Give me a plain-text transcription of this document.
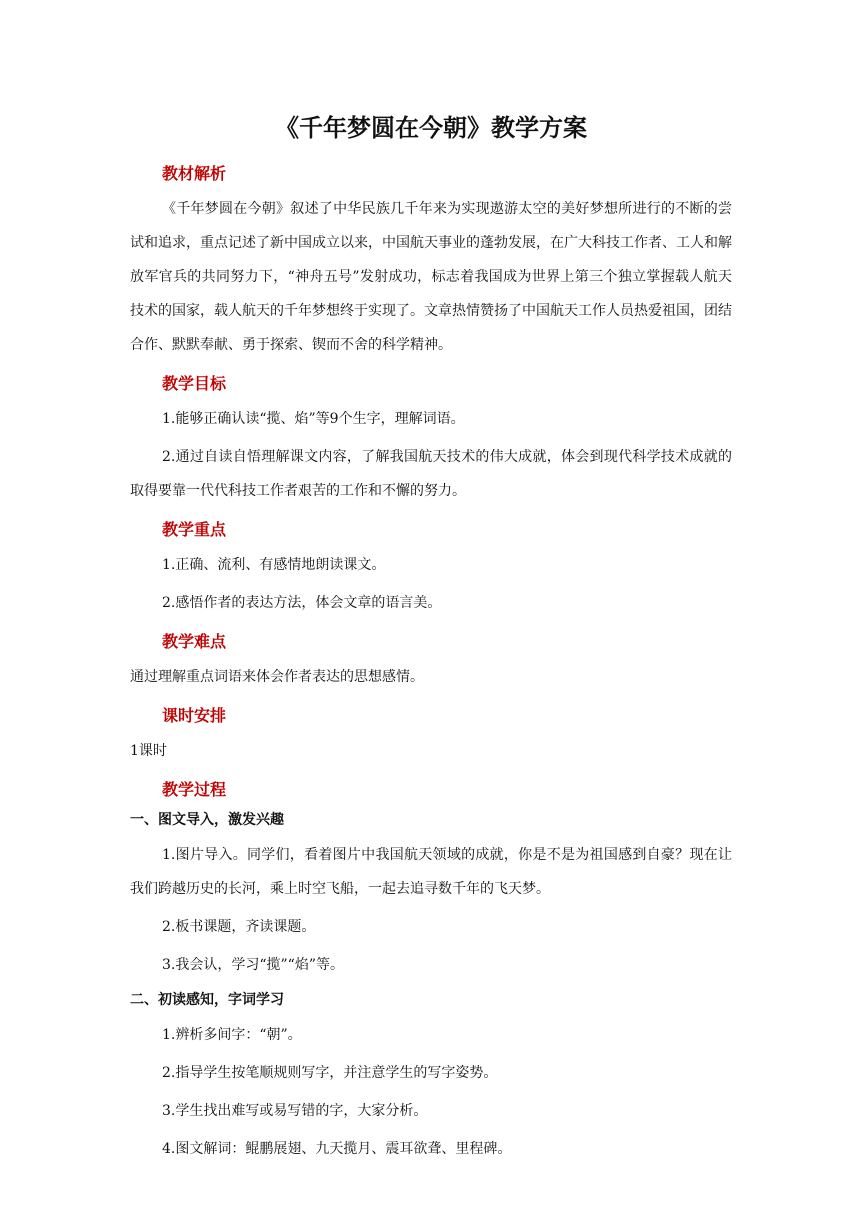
《千年梦圆在今朝》教学方案
教材解析

《千年梦圆在今朝》叙述了中华民族几千年来为实现遨游太空的美好梦想所进行的不断的尝试和追求，重点记述了新中国成立以来，中国航天事业的蓬勃发展，在广大科技工作者、工人和解放军官兵的共同努力下，“神舟五号”发射成功，标志着我国成为世界上第三个独立掌握载人航天技术的国家，载人航天的千年梦想终于实现了。文章热情赞扬了中国航天工作人员热爱祖国，团结合作、默默奉献、勇于探索、锲而不舍的科学精神。

教学目标

1.能够正确认读“揽、焰”等9个生字，理解词语。

2.通过自读自悟理解课文内容，了解我国航天技术的伟大成就，体会到现代科学技术成就的取得要靠一代代科技工作者艰苦的工作和不懈的努力。

教学重点

1.正确、流利、有感情地朗读课文。

2.感悟作者的表达方法，体会文章的语言美。

教学难点

通过理解重点词语来体会作者表达的思想感情。

课时安排

1课时

教学过程
一、图文导入，激发兴趣

1.图片导入。同学们，看着图片中我国航天领域的成就，你是不是为祖国感到自豪？现在让我们跨越历史的长河，乘上时空飞船，一起去追寻数千年的飞天梦。

2.板书课题，齐读课题。

3.我会认，学习“揽”“焰”等。

二、初读感知，字词学习

1.辨析多间字：“朝”。

2.指导学生按笔顺规则写字，并注意学生的写字姿势。

3.学生找出难写或易写错的字，大家分析。

4.图文解词：鲲鹏展翅、九天揽月、震耳欲聋、里程碑。
